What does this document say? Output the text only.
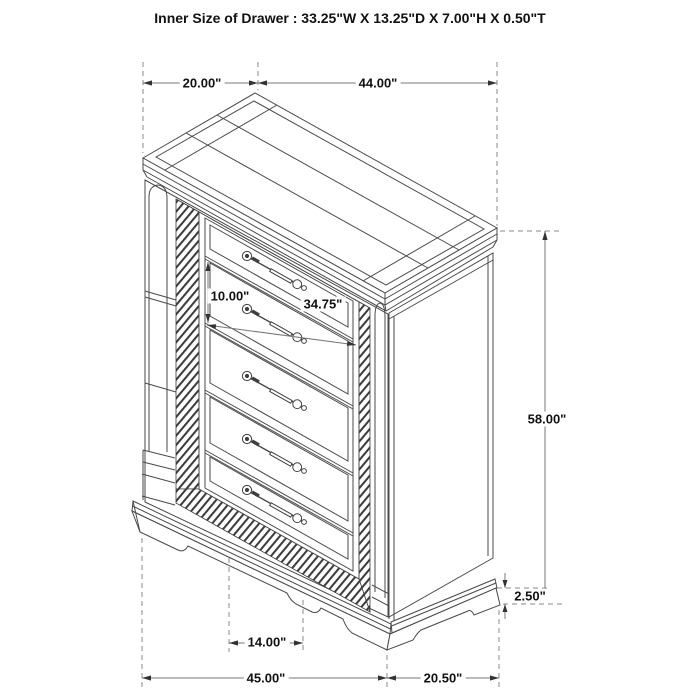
Inner Size of Drawer : 33.25"W X 13.25"D X 7.00"H X 0.50"T
20.00"	44.00"
58.00"
2.50"
10.00"
34.75"
14.00"
45.00"	20.50"
